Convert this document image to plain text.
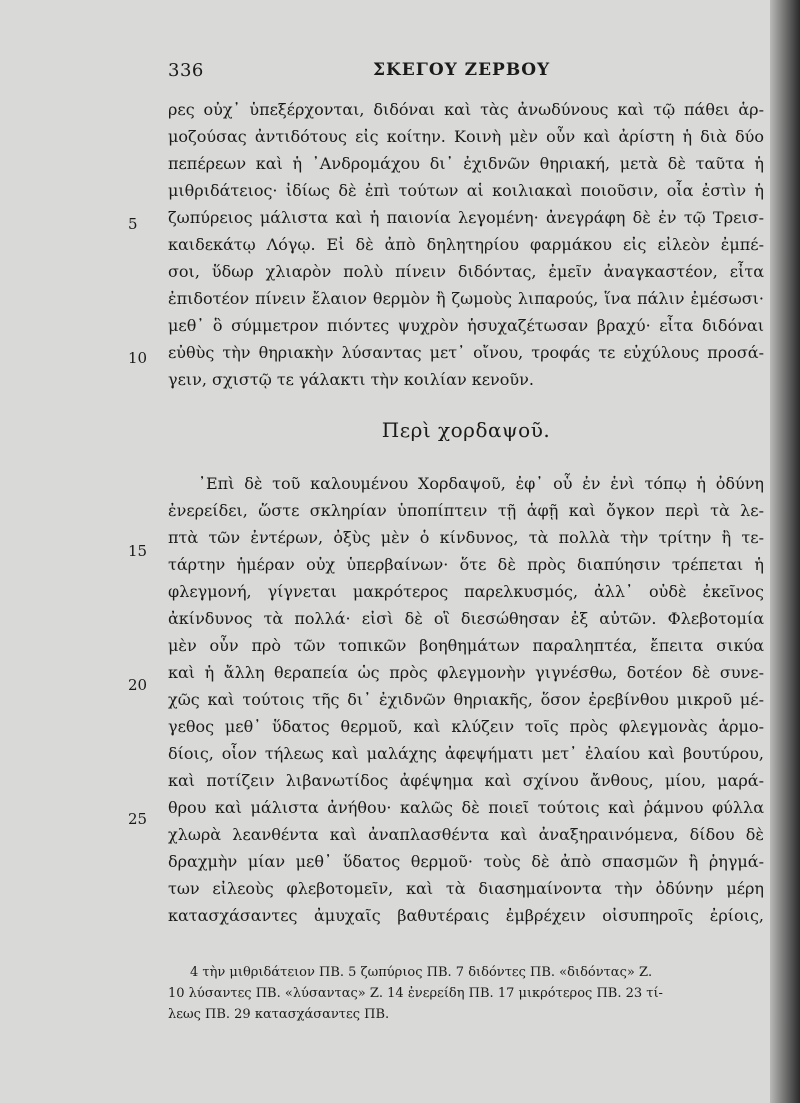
336	ΣΚΕΓΟΥ ΖΕΡΒΟΥ
5
10
15
20
25
ρες οὐχ᾽ ὑπεξέρχονται, διδόναι καὶ τὰς ἀνωδύνους καὶ τῷ πάθει ἁρ-
μοζούσας ἀντιδότους εἰς κοίτην. Κοινὴ μὲν οὖν καὶ ἀρίστη ἡ διὰ δύο
πεπέρεων καὶ ἡ ᾽Ανδρομάχου δι᾽ ἐχιδνῶν θηριακή, μετὰ δὲ ταῦτα ἡ
μιθριδάτειος· ἰδίως δὲ ἐπὶ τούτων αἱ κοιλιακαὶ ποιοῦσιν, οἷα ἐστὶν ἡ
ζωπύρειος μάλιστα καὶ ἡ παιονία λεγομένη· ἀνεγράφη δὲ ἐν τῷ Τρεισ-
καιδεκάτῳ Λόγῳ. Εἰ δὲ ἀπὸ δηλητηρίου φαρμάκου εἰς εἰλεὸν ἐμπέ-
σοι, ὕδωρ χλιαρὸν πολὺ πίνειν διδόντας, ἐμεῖν ἀναγκαστέον, εἶτα
ἐπιδοτέον πίνειν ἔλαιον θερμὸν ἢ ζωμοὺς λιπαρούς, ἵνα πάλιν ἐμέσωσι·
μεθ᾽ ὃ σύμμετρον πιόντες ψυχρὸν ἡσυχαζέτωσαν βραχύ· εἶτα διδόναι
εὐθὺς τὴν θηριακὴν λύσαντας μετ᾽ οἴνου, τροφάς τε εὐχύλους προσά-
γειν, σχιστῷ τε γάλακτι τὴν κοιλίαν κενοῦν.
Περὶ χορδαψοῦ.
᾽Επὶ δὲ τοῦ καλουμένου Χορδαψοῦ, ἐφ᾽ οὗ ἐν ἑνὶ τόπῳ ἡ ὀδύνη
ἐνερείδει, ὥστε σκληρίαν ὑποπίπτειν τῇ ἁφῇ καὶ ὄγκον περὶ τὰ λε-
πτὰ τῶν ἐντέρων, ὀξὺς μὲν ὁ κίνδυνος, τὰ πολλὰ τὴν τρίτην ἢ τε-
τάρτην ἡμέραν οὐχ ὑπερβαίνων· ὅτε δὲ πρὸς διαπύησιν τρέπεται ἡ
φλεγμονή, γίγνεται μακρότερος παρελκυσμός, ἀλλ᾽ οὐδὲ ἐκεῖνος
ἀκίνδυνος τὰ πολλά· εἰσὶ δὲ οἳ διεσώθησαν ἐξ αὐτῶν. Φλεβοτομία
μὲν οὖν πρὸ τῶν τοπικῶν βοηθημάτων παραληπτέα, ἔπειτα σικύα
καὶ ἡ ἄλλη θεραπεία ὡς πρὸς φλεγμονὴν γιγνέσθω, δοτέον δὲ συνε-
χῶς καὶ τούτοις τῆς δι᾽ ἐχιδνῶν θηριακῆς, ὅσον ἐρεβίνθου μικροῦ μέ-
γεθος μεθ᾽ ὕδατος θερμοῦ, καὶ κλύζειν τοῖς πρὸς φλεγμονὰς ἁρμο-
δίοις, οἷον τήλεως καὶ μαλάχης ἀφεψήματι μετ᾽ ἐλαίου καὶ βουτύρου,
καὶ ποτίζειν λιβανωτίδος ἀφέψημα καὶ σχίνου ἄνθους, μίου, μαρά-
θρου καὶ μάλιστα ἀνήθου· καλῶς δὲ ποιεῖ τούτοις καὶ ῥάμνου φύλλα
χλωρὰ λεανθέντα καὶ ἀναπλασθέντα καὶ ἀναξηραινόμενα, δίδου δὲ
δραχμὴν μίαν μεθ᾽ ὕδατος θερμοῦ· τοὺς δὲ ἀπὸ σπασμῶν ἢ ῥηγμά-
των εἰλεοὺς φλεβοτομεῖν, καὶ τὰ διασημαίνοντα τὴν ὀδύνην μέρη
κατασχάσαντες ἀμυχαῖς βαθυτέραις ἐμβρέχειν οἰσυπηροῖς ἐρίοις,
4 τὴν μιθριδάτειον ΠΒ. 5 ζωπύριος ΠΒ. 7 διδόντες ΠΒ. «διδόντας» Ζ.
10 λύσαντες ΠΒ. «λύσαντας» Ζ. 14 ἐνερείδη ΠΒ. 17 μικρότερος ΠΒ. 23 τί-
λεως ΠΒ. 29 κατασχάσαντες ΠΒ.
